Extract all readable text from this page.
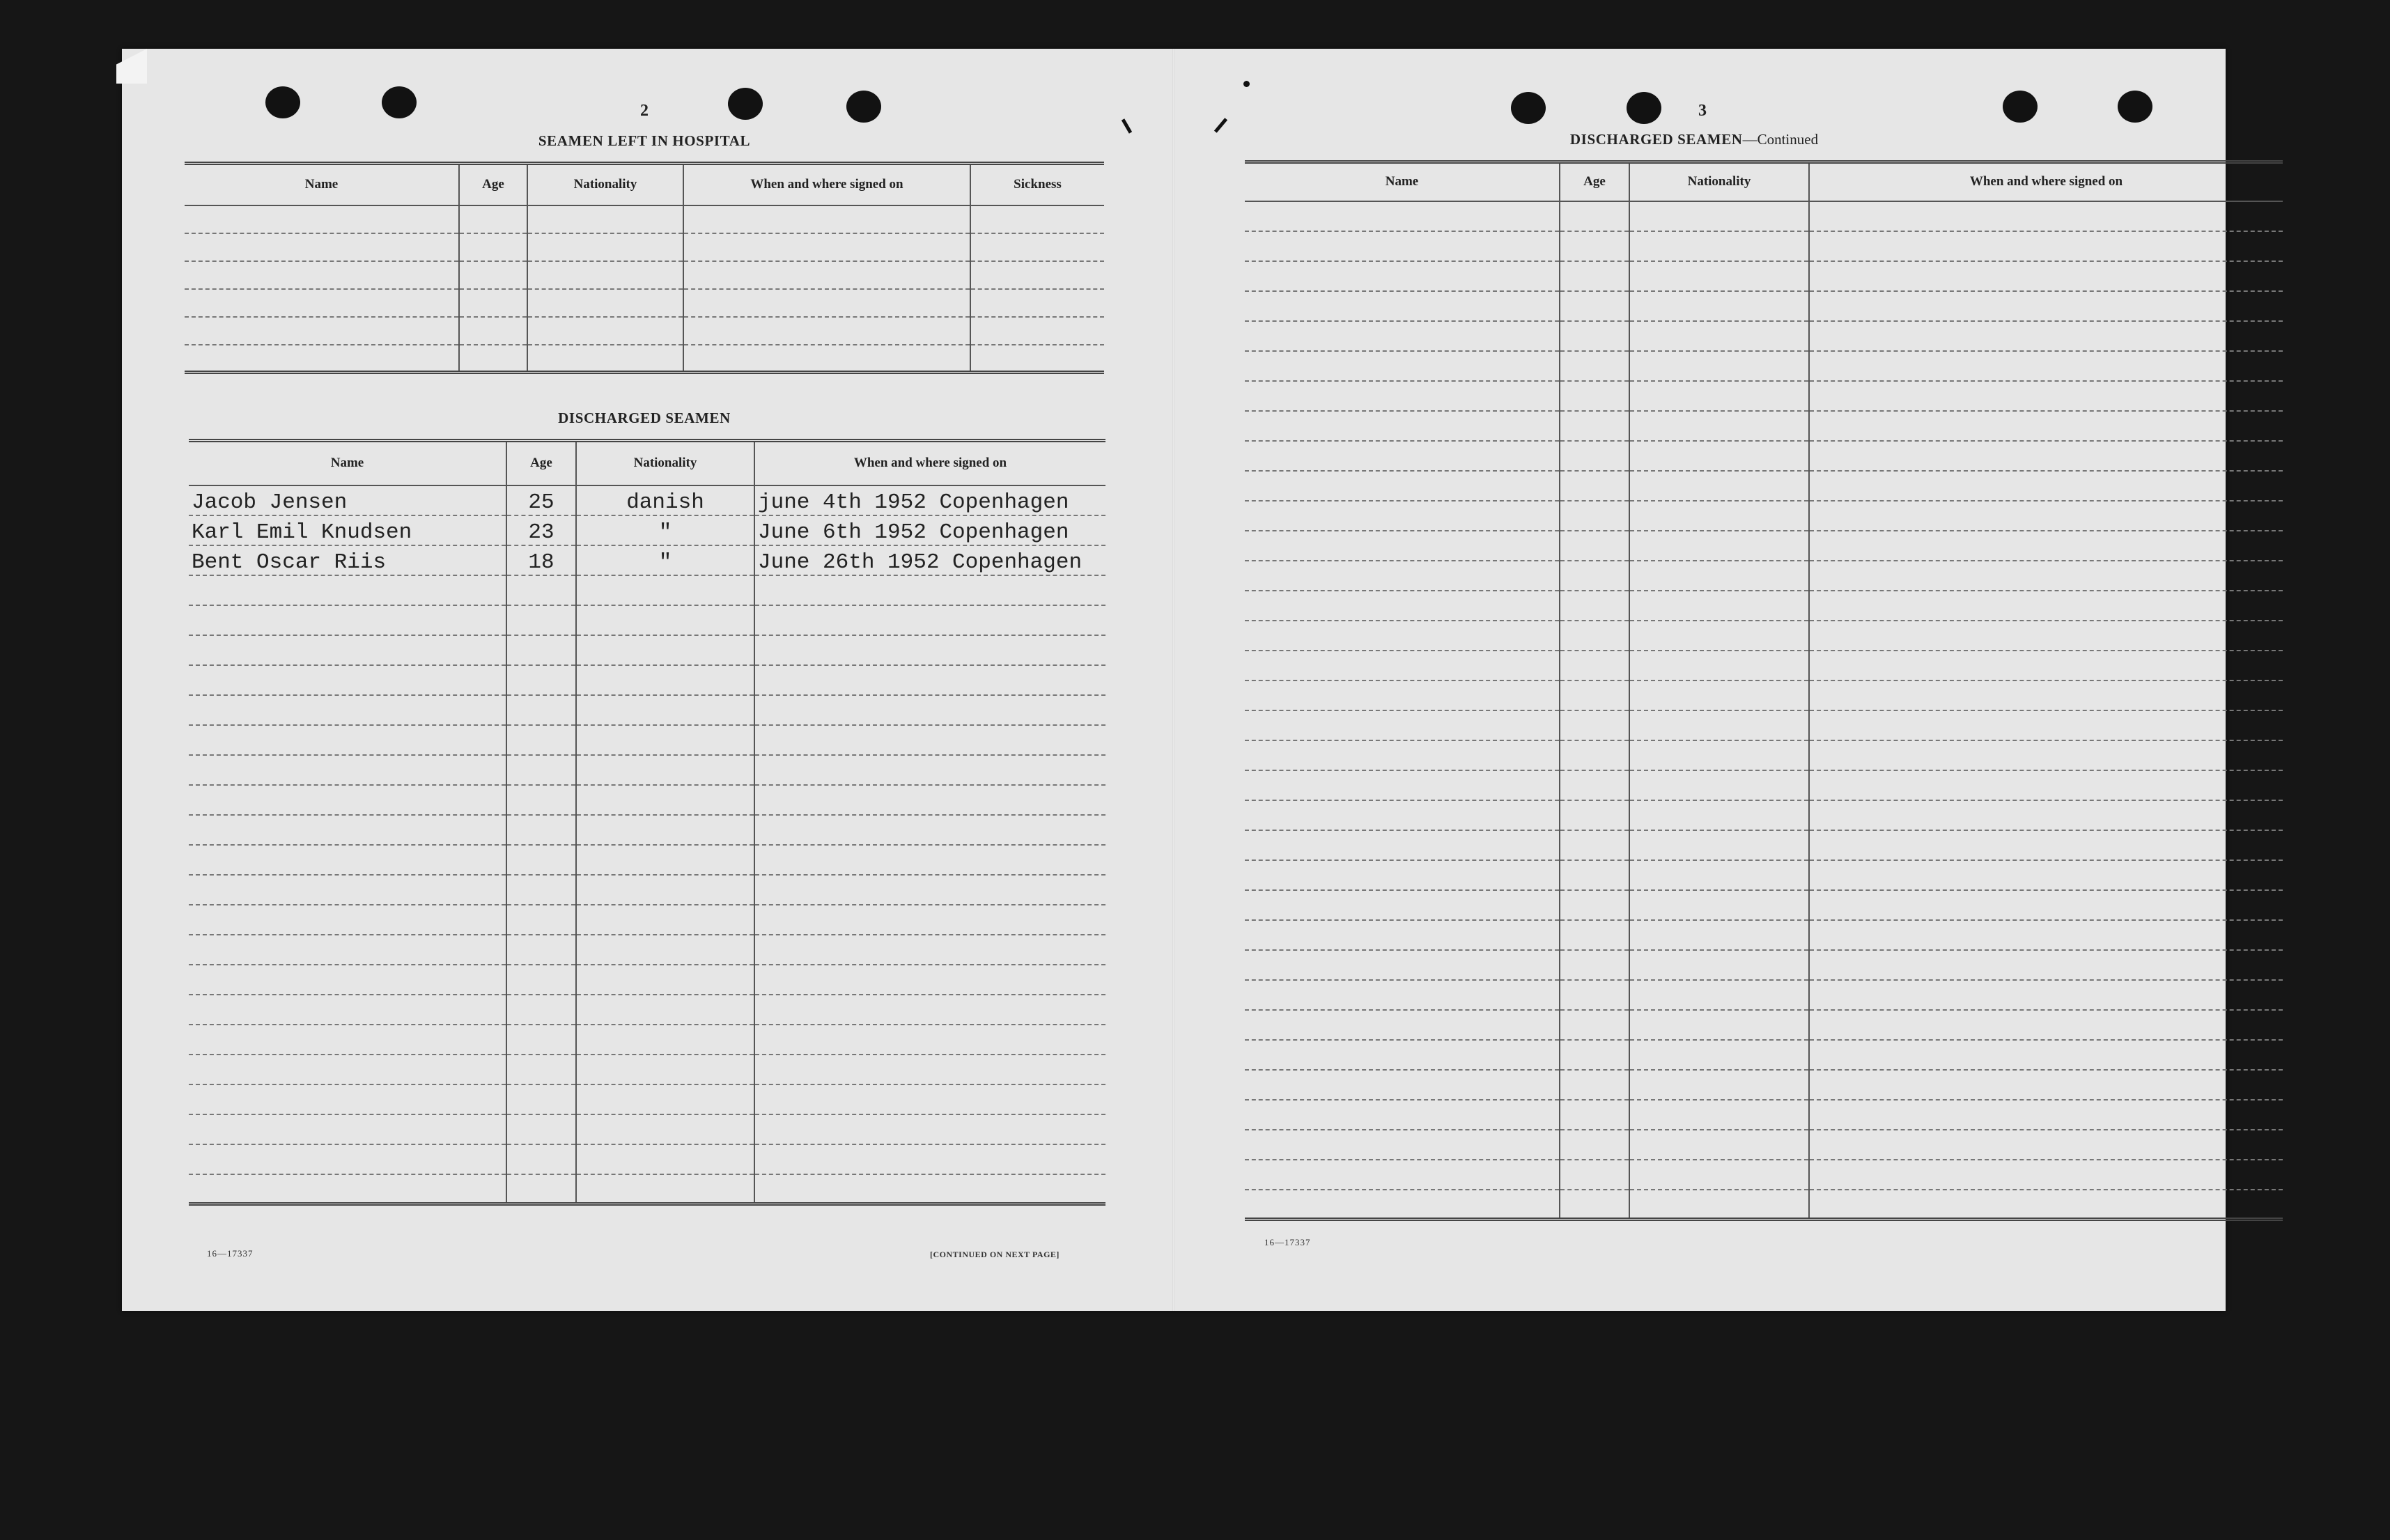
2
SEAMEN LEFT IN HOSPITAL
Name	Age	Nationality	When and where signed on	Sickness

DISCHARGED SEAMEN
Name	Age	Nationality	When and where signed on
Jacob Jensen	25	danish	june 4th 1952 Copenhagen
Karl Emil Knudsen	23	"	June 6th 1952 Copenhagen
Bent Oscar Riis	18	"	June 26th 1952 Copenhagen

16—17337	[CONTINUED ON NEXT PAGE]
3
DISCHARGED SEAMEN—Continued
Name	Age	Nationality	When and where signed on

16—17337
